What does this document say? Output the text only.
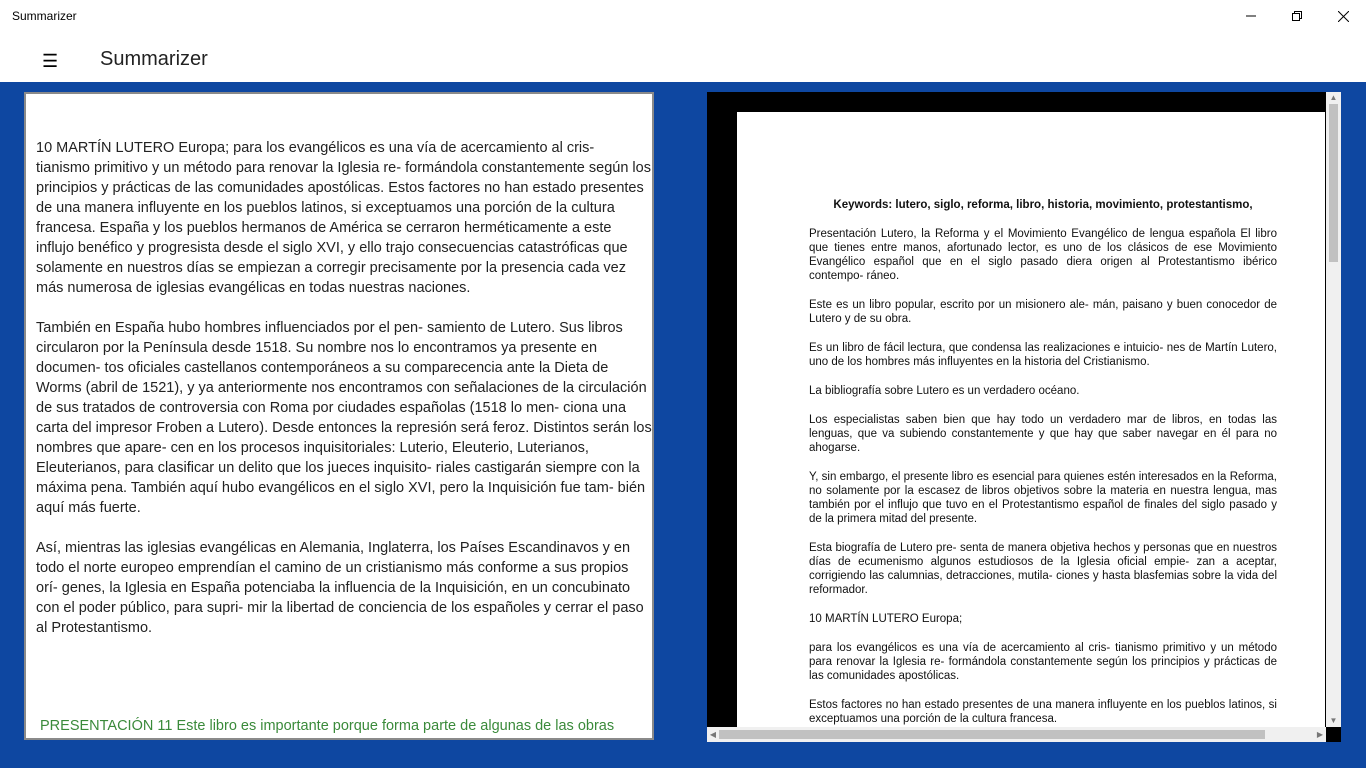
Summarizer
☰ Summarizer

10 MARTÍN LUTERO Europa; para los evangélicos es una vía de acercamiento al cris- tianismo primitivo y un método para renovar la Iglesia re- formándola constantemente según los principios y prácticas de las comunidades apostólicas. Estos factores no han estado presentes de una manera influyente en los pueblos latinos, si exceptuamos una porción de la cultura francesa. España y los pueblos hermanos de América se cerraron herméticamente a este influjo benéfico y progresista desde el siglo XVI, y ello trajo consecuencias catastróficas que solamente en nuestros días se empiezan a corregir precisamente por la presencia cada vez más numerosa de iglesias evangélicas en todas nuestras naciones.

También en España hubo hombres influenciados por el pen- samiento de Lutero. Sus libros circularon por la Península desde 1518. Su nombre nos lo encontramos ya presente en documen- tos oficiales castellanos contemporáneos a su comparecencia ante la Dieta de Worms (abril de 1521), y ya anteriormente nos encontramos con señalaciones de la circulación de sus tratados de controversia con Roma por ciudades españolas (1518 lo men- ciona una carta del impresor Froben a Lutero). Desde entonces la represión será feroz. Distintos serán los nombres que apare- cen en los procesos inquisitoriales: Luterio, Eleuterio, Luterianos, Eleuterianos, para clasificar un delito que los jueces inquisito- riales castigarán siempre con la máxima pena. También aquí hubo evangélicos en el siglo XVI, pero la Inquisición fue tam- bién aquí más fuerte.

Así, mientras las iglesias evangélicas en Alemania, Inglaterra, los Países Escandinavos y en todo el norte europeo emprendían el camino de un cristianismo más conforme a sus propios orí- genes, la Iglesia en España potenciaba la influencia de la Inquisición, en un concubinato con el poder público, para supri- mir la libertad de conciencia de los españoles y cerrar el paso al Protestantismo.

PRESENTACIÓN 11 Este libro es importante porque forma parte de algunas de las obras

Keywords: lutero, siglo, reforma, libro, historia, movimiento, protestantismo,

Presentación Lutero, la Reforma y el Movimiento Evangélico de lengua española El libro que tienes entre manos, afortunado lector, es uno de los clásicos de ese Movimiento Evangélico español que en el siglo pasado diera origen al Protestantismo ibérico contempo- ráneo.

Este es un libro popular, escrito por un misionero ale- mán, paisano y buen conocedor de Lutero y de su obra.

Es un libro de fácil lectura, que condensa las realizaciones e intuicio- nes de Martín Lutero, uno de los hombres más influyentes en la historia del Cristianismo.

La bibliografía sobre Lutero es un verdadero océano.

Los especialistas saben bien que hay todo un verdadero mar de libros, en todas las lenguas, que va subiendo constantemente y que hay que saber navegar en él para no ahogarse.

Y, sin embargo, el presente libro es esencial para quienes estén interesados en la Reforma, no solamente por la escasez de libros objetivos sobre la materia en nuestra lengua, mas también por el influjo que tuvo en el Protestantismo español de finales del siglo pasado y de la primera mitad del presente.

Esta biografía de Lutero pre- senta de manera objetiva hechos y personas que en nuestros días de ecumenismo algunos estudiosos de la Iglesia oficial empie- zan a aceptar, corrigiendo las calumnias, detracciones, mutila- ciones y hasta blasfemias sobre la vida del reformador.

10 MARTÍN LUTERO Europa;

para los evangélicos es una vía de acercamiento al cris- tianismo primitivo y un método para renovar la Iglesia re- formándola constantemente según los principios y prácticas de las comunidades apostólicas.

Estos factores no han estado presentes de una manera influyente en los pueblos latinos, si exceptuamos una porción de la cultura francesa.

▲
▼
◀	▶
